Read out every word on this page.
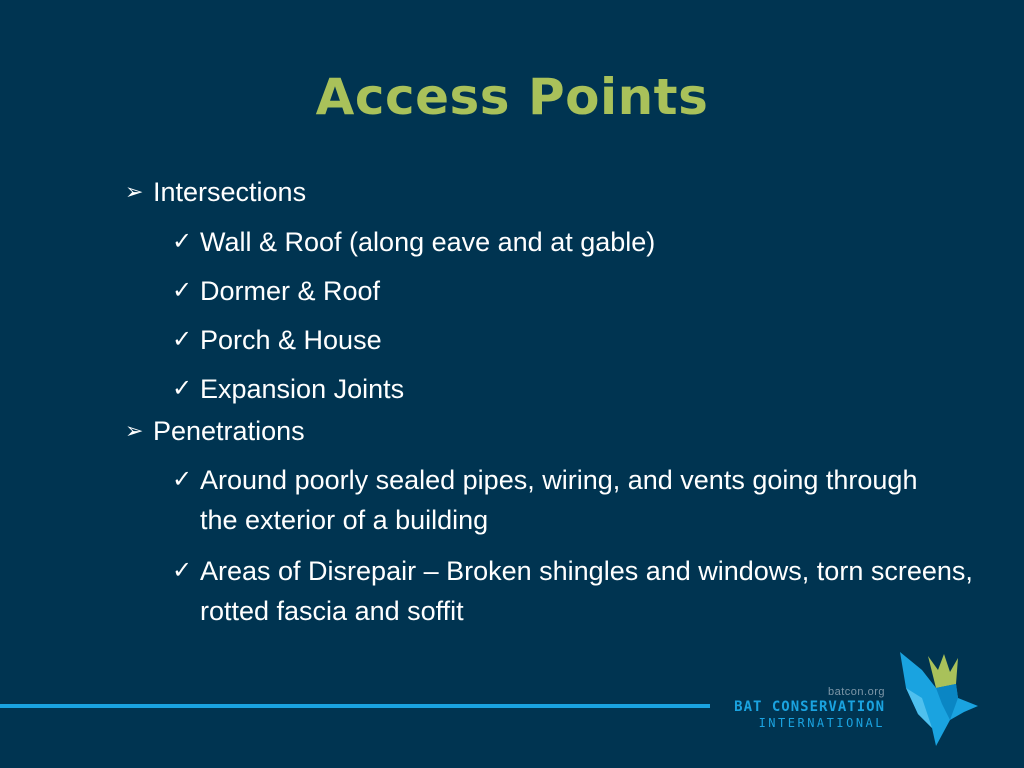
Access Points
➢ Intersections
✓ Wall & Roof (along eave and at gable)
✓ Dormer & Roof
✓ Porch & House
✓ Expansion Joints
➢ Penetrations
✓ Around poorly sealed pipes, wiring, and vents going through the exterior of a building
✓ Areas of Disrepair – Broken shingles and windows, torn screens, rotted fascia and soffit
batcon.org
BAT CONSERVATION
INTERNATIONAL
